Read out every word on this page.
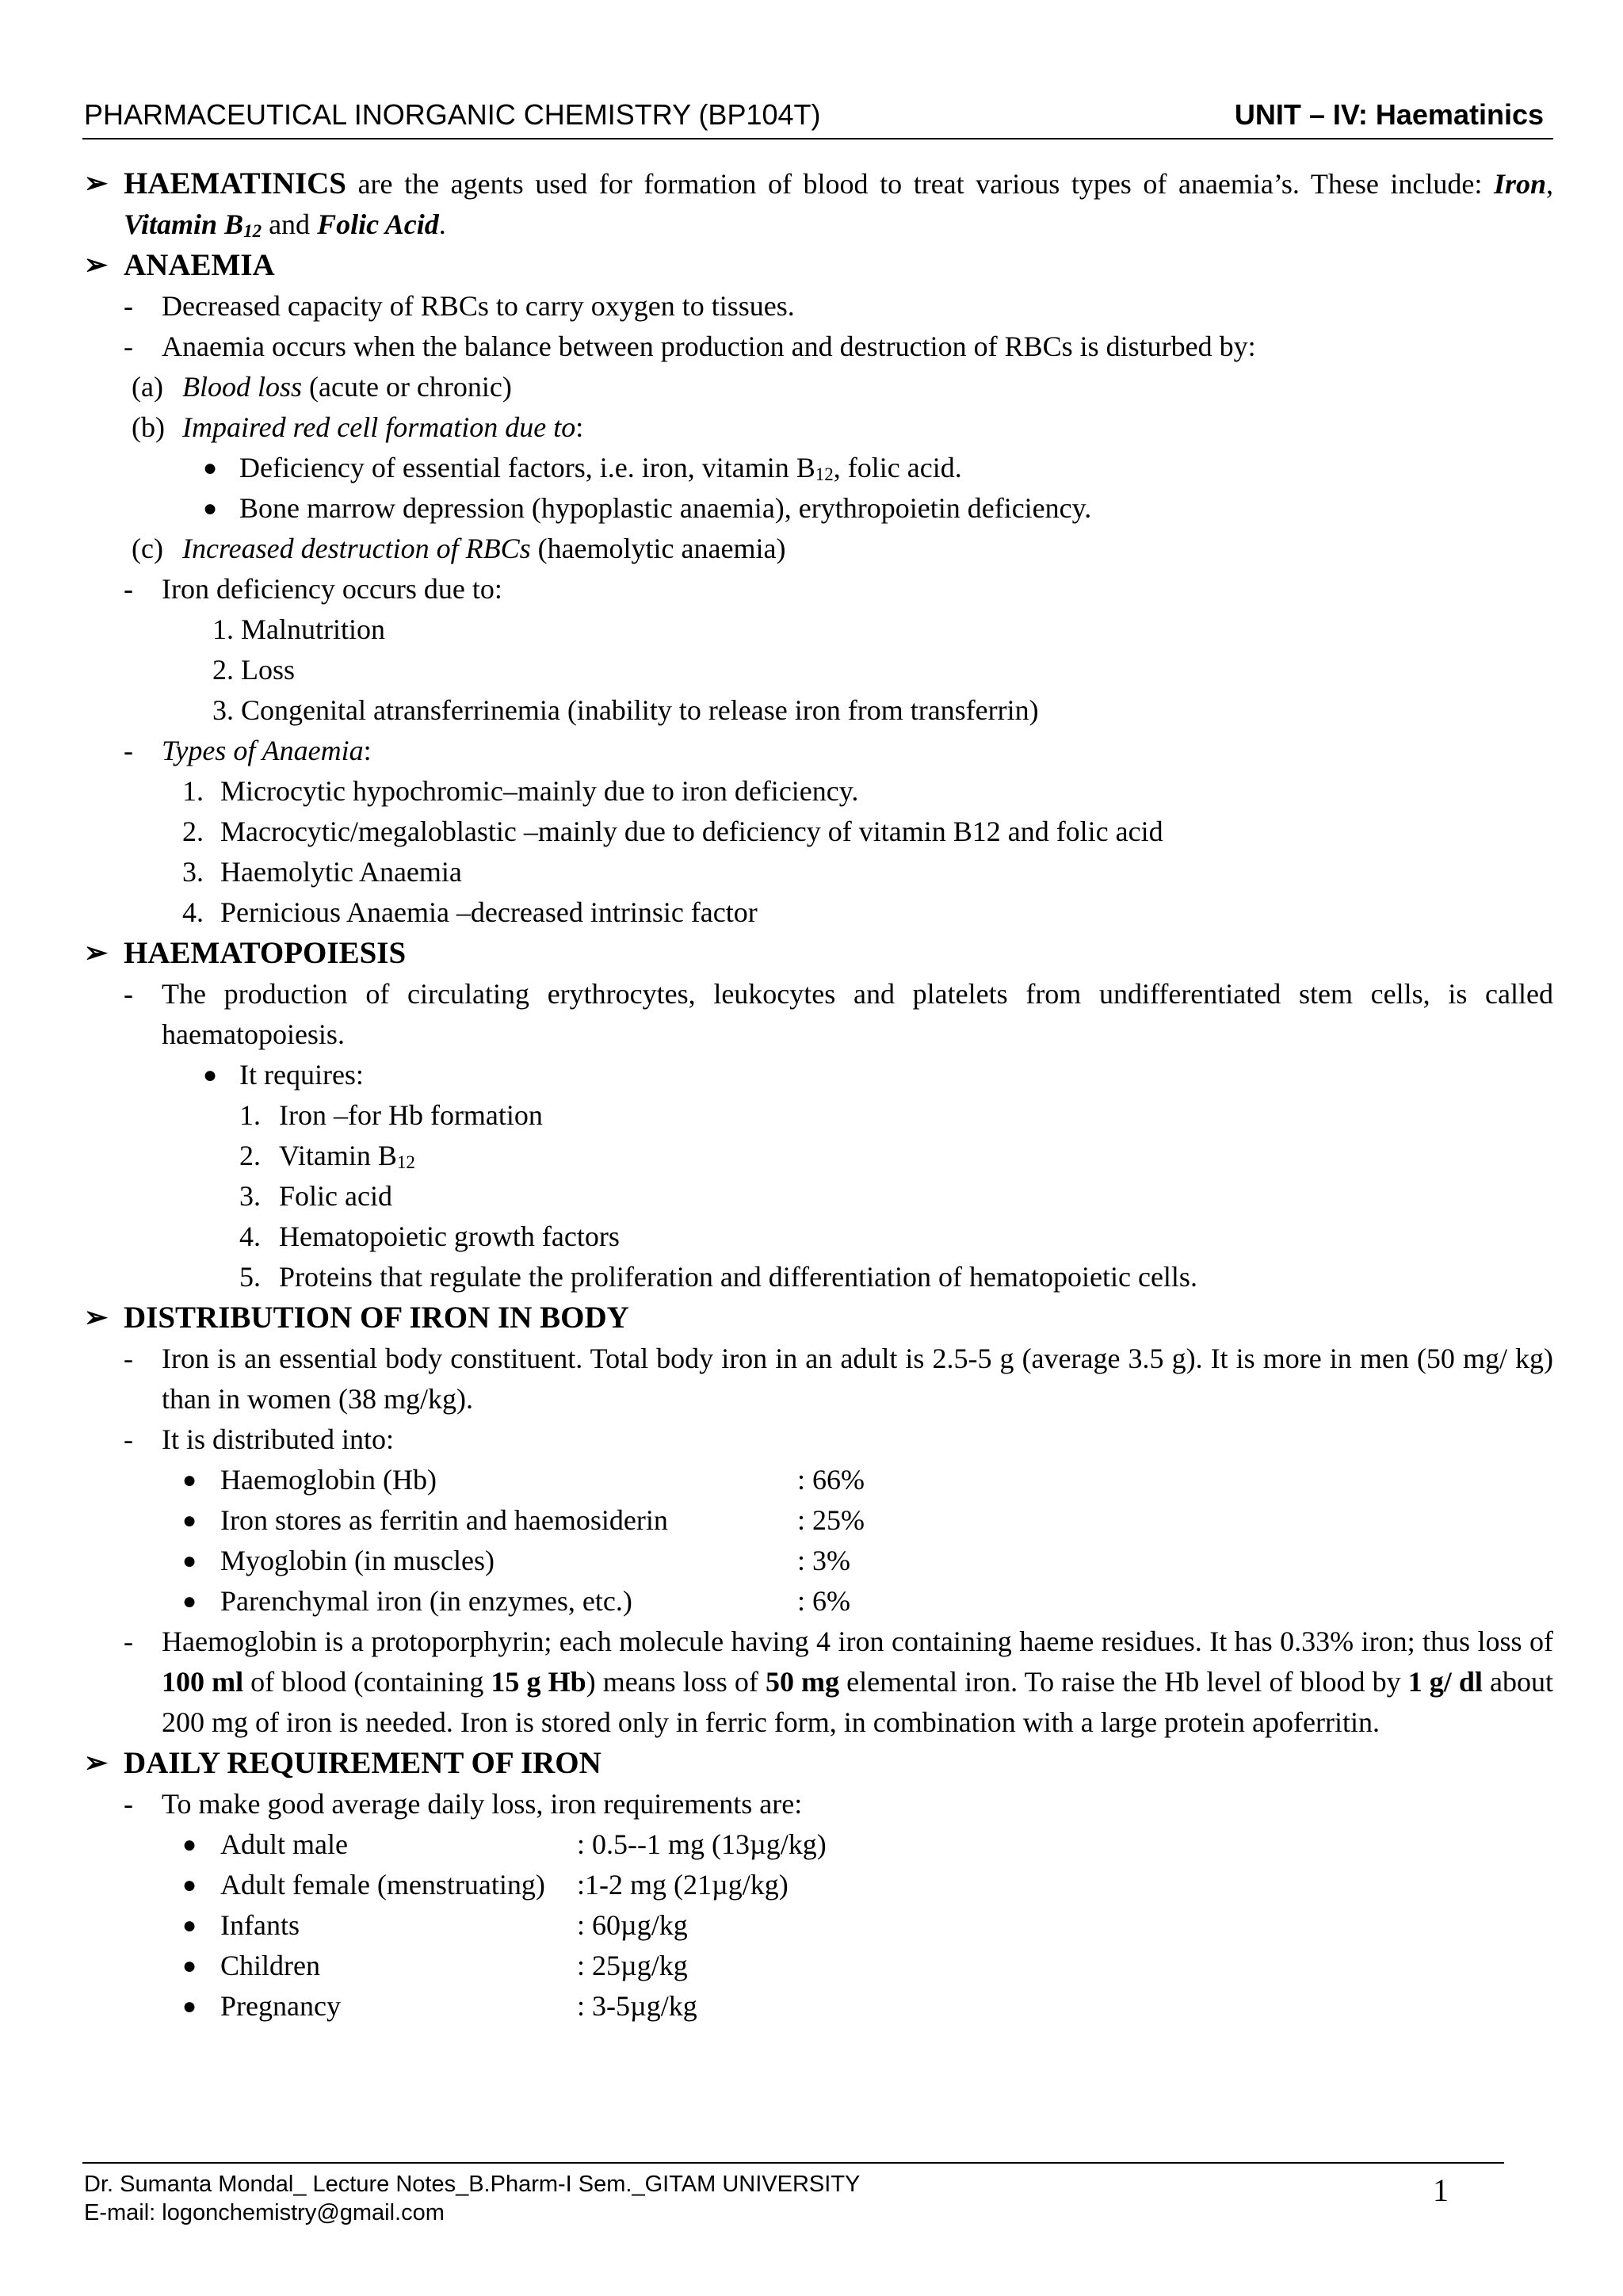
PHARMACEUTICAL INORGANIC CHEMISTRY (BP104T)	UNIT – IV: Haematinics

➢ HAEMATINICS are the agents used for formation of blood to treat various types of anaemia’s. These include: Iron, Vitamin $B_{12}$ and Folic Acid.

➢ ANAEMIA

- Decreased capacity of RBCs to carry oxygen to tissues.

- Anaemia occurs when the balance between production and destruction of RBCs is disturbed by:

(a) Blood loss (acute or chronic)

(b) Impaired red cell formation due to:

● Deficiency of essential factors, i.e. iron, vitamin $B_{12}$, folic acid.

● Bone marrow depression (hypoplastic anaemia), erythropoietin deficiency.

(c) Increased destruction of RBCs (haemolytic anaemia)

- Iron deficiency occurs due to:

1. Malnutrition

2. Loss

3. Congenital atransferrinemia (inability to release iron from transferrin)

- Types of Anaemia:

1. Microcytic hypochromic–mainly due to iron deficiency.

2. Macrocytic/megaloblastic –mainly due to deficiency of vitamin B12 and folic acid

3. Haemolytic Anaemia

4. Pernicious Anaemia –decreased intrinsic factor

➢ HAEMATOPOIESIS

- The production of circulating erythrocytes, leukocytes and platelets from undifferentiated stem cells, is called haematopoiesis.

● It requires:

1. Iron –for Hb formation

2. Vitamin $B_{12}$

3. Folic acid

4. Hematopoietic growth factors

5. Proteins that regulate the proliferation and differentiation of hematopoietic cells.

➢ DISTRIBUTION OF IRON IN BODY

- Iron is an essential body constituent. Total body iron in an adult is 2.5-5 g (average 3.5 g). It is more in men (50 mg/ kg) than in women (38 mg/kg).

- It is distributed into:

● Haemoglobin (Hb)	: 66%

● Iron stores as ferritin and haemosiderin	: 25%

● Myoglobin (in muscles)	: 3%

● Parenchymal iron (in enzymes, etc.)	: 6%

- Haemoglobin is a protoporphyrin; each molecule having 4 iron containing haeme residues. It has 0.33% iron; thus loss of 100 ml of blood (containing 15 g Hb) means loss of 50 mg elemental iron. To raise the Hb level of blood by 1 g/ dl about 200 mg of iron is needed. Iron is stored only in ferric form, in combination with a large protein apoferritin.

➢ DAILY REQUIREMENT OF IRON

- To make good average daily loss, iron requirements are:

● Adult male	: 0.5--1 mg (13µg/kg)

● Adult female (menstruating) :1-2 mg (21µg/kg)

● Infants	: 60µg/kg

● Children	: 25µg/kg

● Pregnancy	: 3-5µg/kg

Dr. Sumanta Mondal_ Lecture Notes_B.Pharm-I Sem._GITAM UNIVERSITY
E-mail: logonchemistry@gmail.com
1
